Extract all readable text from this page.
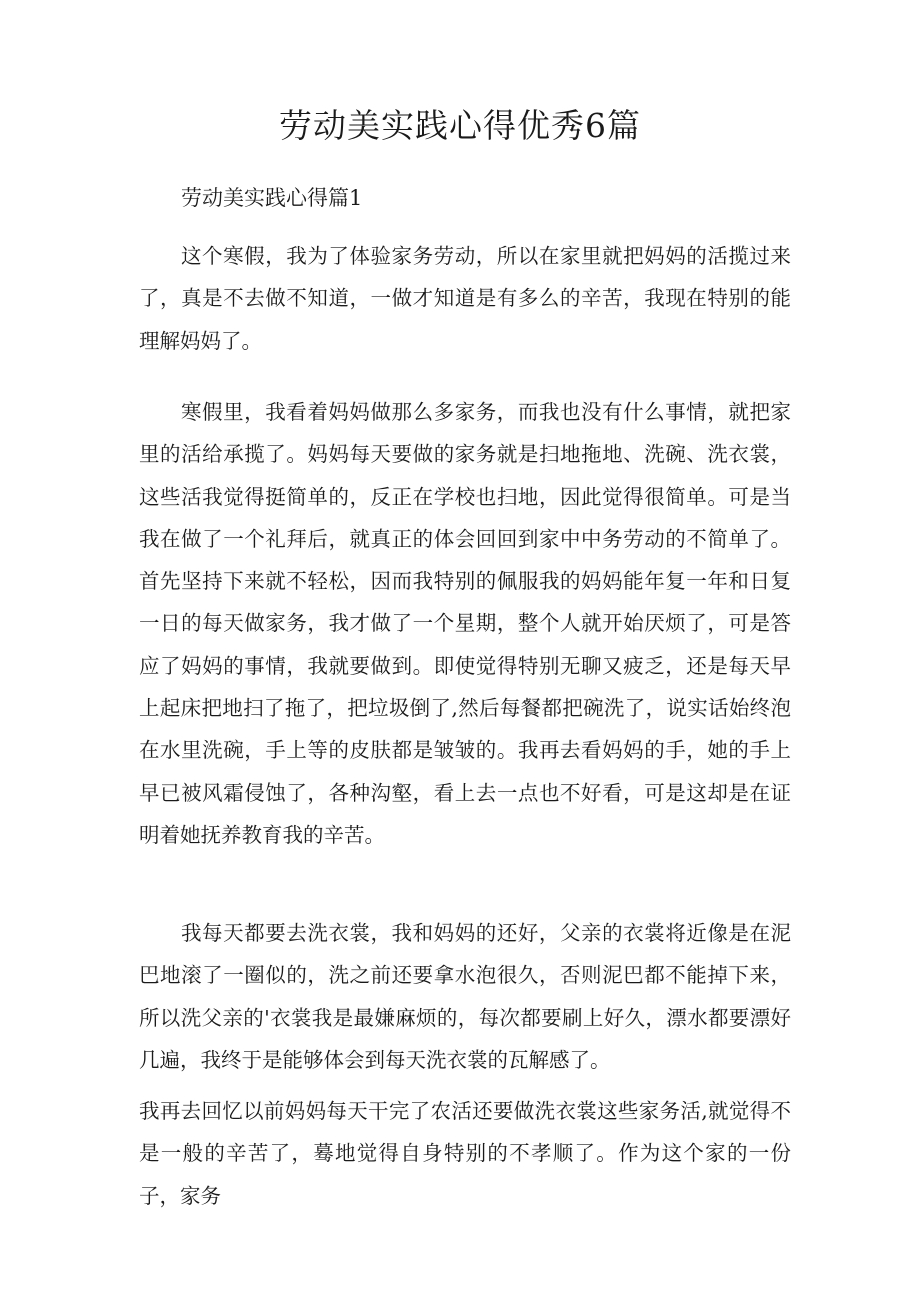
劳动美实践心得优秀6篇
劳动美实践心得篇1

这个寒假，我为了体验家务劳动，所以在家里就把妈妈的活揽过来了，真是不去做不知道，一做才知道是有多么的辛苦，我现在特别的能理解妈妈了。

寒假里，我看着妈妈做那么多家务，而我也没有什么事情，就把家里的活给承揽了。妈妈每天要做的家务就是扫地拖地、洗碗、洗衣裳，这些活我觉得挺简单的，反正在学校也扫地，因此觉得很简单。可是当我在做了一个礼拜后，就真正的体会回回到家中中务劳动的不简单了。首先坚持下来就不轻松，因而我特别的佩服我的妈妈能年复一年和日复一日的每天做家务，我才做了一个星期，整个人就开始厌烦了，可是答应了妈妈的事情，我就要做到。即使觉得特别无聊又疲乏，还是每天早上起床把地扫了拖了，把垃圾倒了,然后每餐都把碗洗了，说实话始终泡在水里洗碗，手上等的皮肤都是皱皱的。我再去看妈妈的手，她的手上早已被风霜侵蚀了，各种沟壑，看上去一点也不好看，可是这却是在证明着她抚养教育我的辛苦。

我每天都要去洗衣裳，我和妈妈的还好，父亲的衣裳将近像是在泥巴地滚了一圈似的，洗之前还要拿水泡很久，否则泥巴都不能掉下来，所以洗父亲的'衣裳我是最嫌麻烦的，每次都要刷上好久，漂水都要漂好几遍，我终于是能够体会到每天洗衣裳的瓦解感了。

我再去回忆以前妈妈每天干完了农活还要做洗衣裳这些家务活,就觉得不是一般的辛苦了，蓦地觉得自身特别的不孝顺了。作为这个家的一份子，家务
